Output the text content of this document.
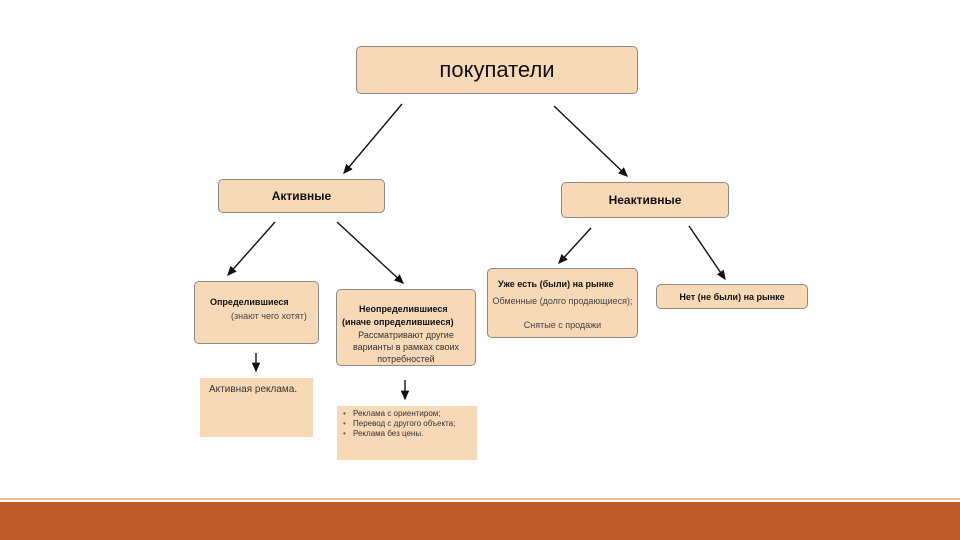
покупатели
Активные	Неактивные
Определившиеся
(знают чего хотят)
Неопределившиеся
(иначе определившиеся)
Рассматривают другие варианты в рамках своих потребностей
Уже есть (были) на рынке
Обменные (долго продающиеся);
Снятые с продажи
Нет (не были) на рынке
Активная реклама.
• Реклама с ориентиром;
• Перевод с другого объекта;
• Реклама без цены.
